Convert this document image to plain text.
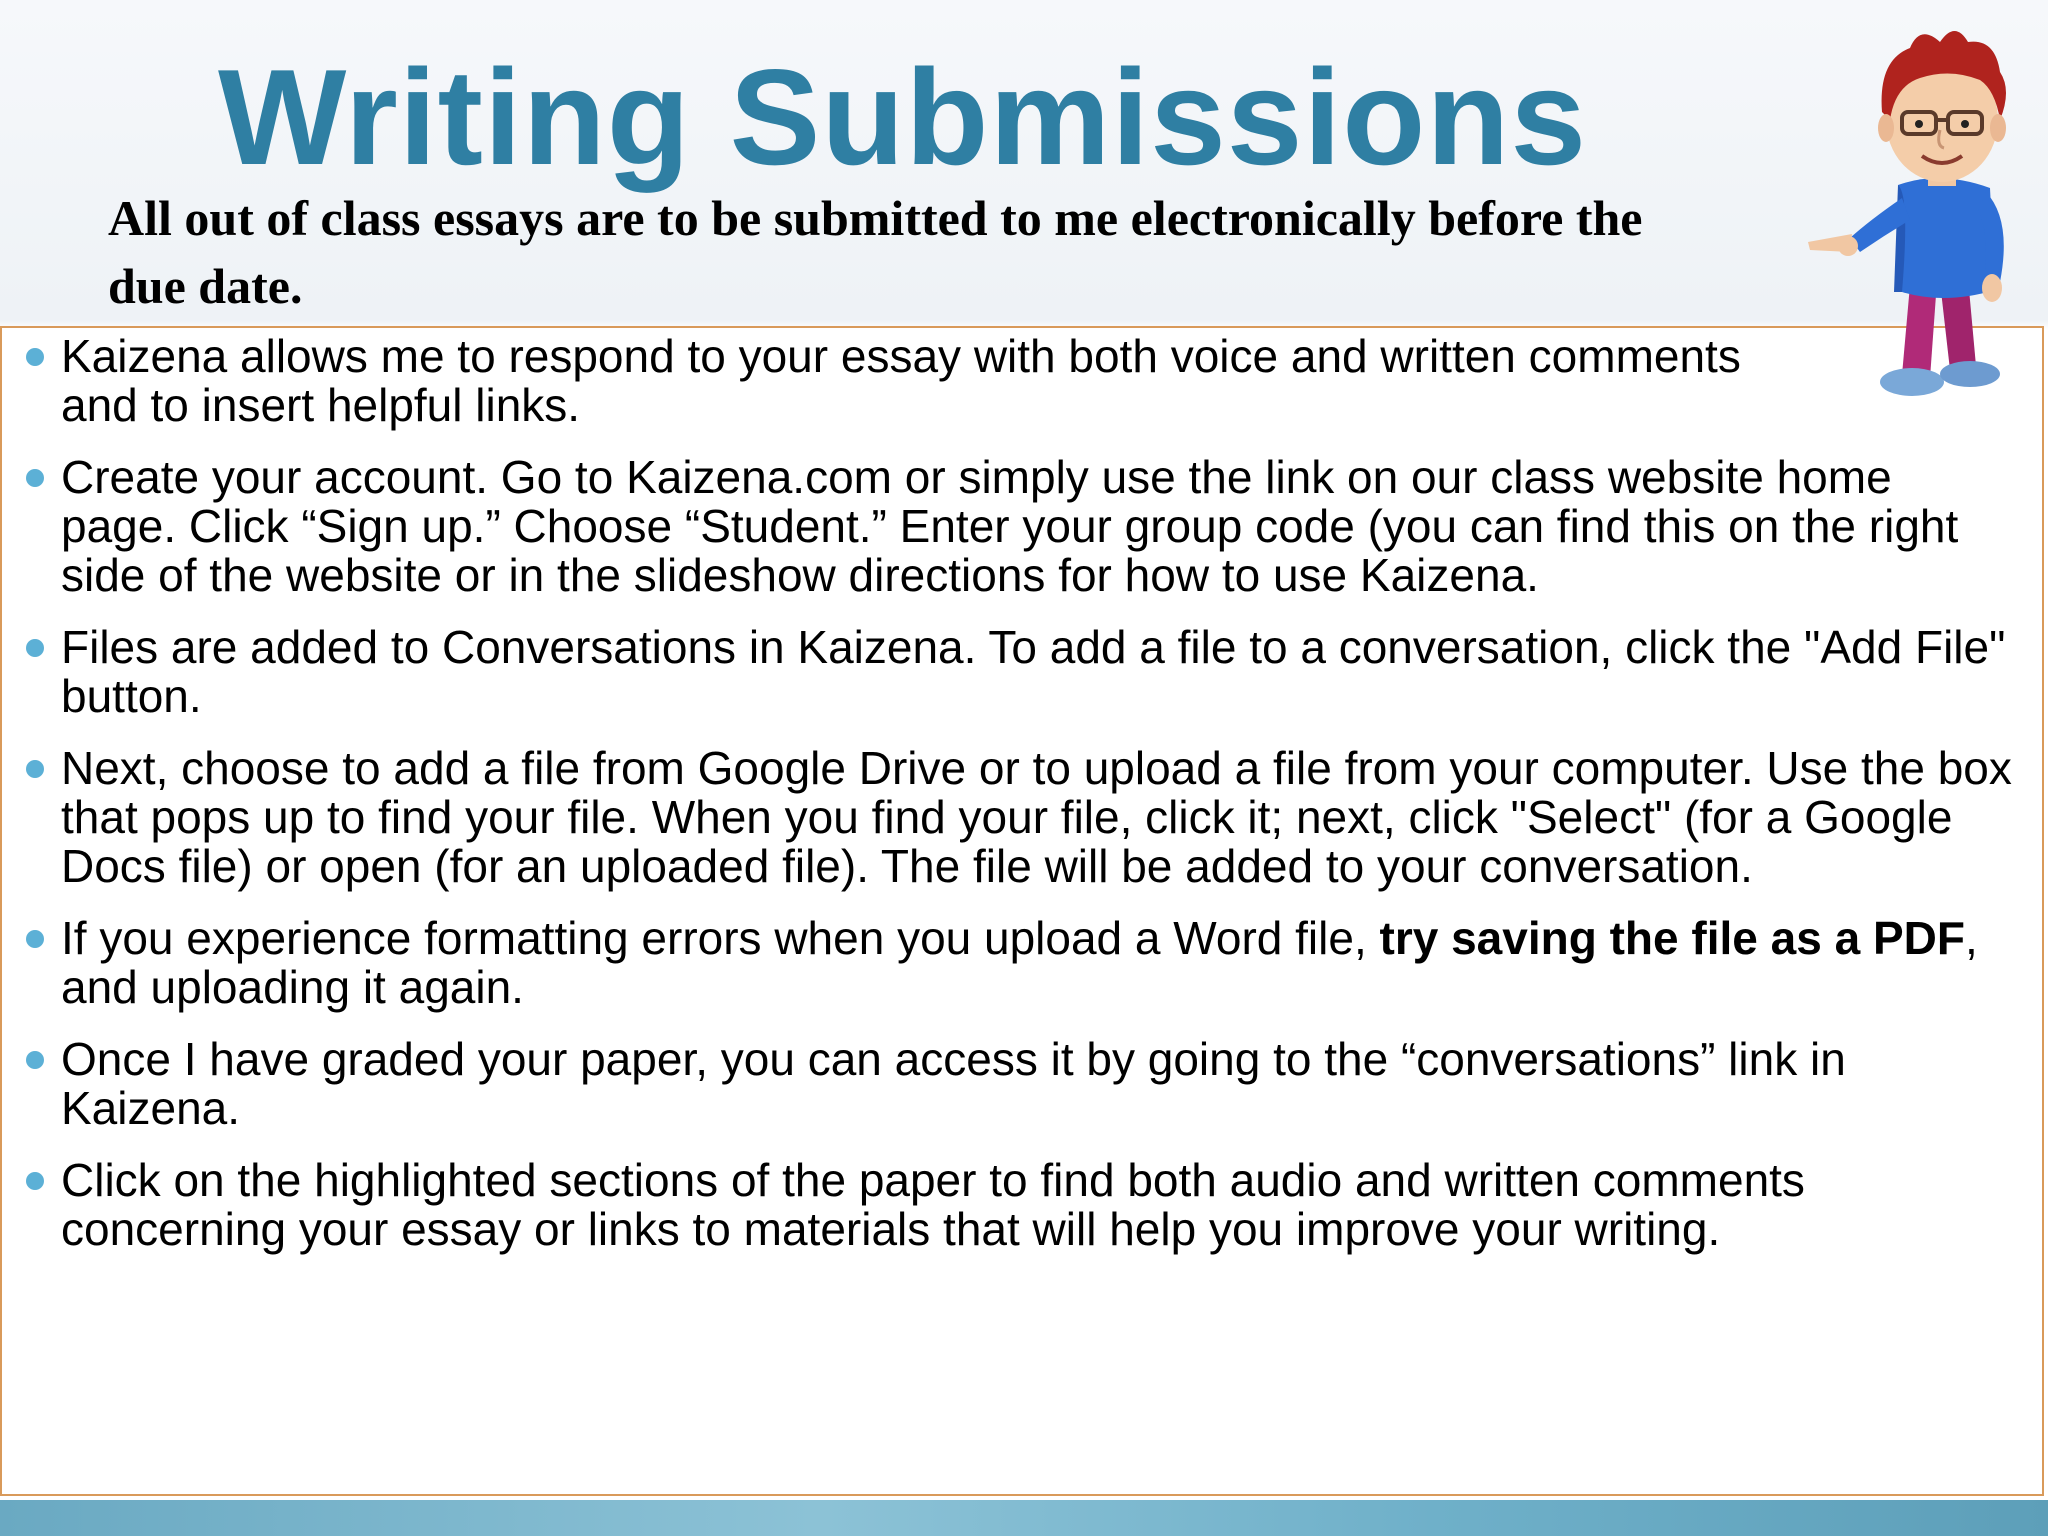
Writing Submissions
All out of class essays are to be submitted to me electronically before the due date.
Kaizena allows me to respond to your essay with both voice and written comments and to insert helpful links.
Create your account. Go to Kaizena.com or simply use the link on our class website home page. Click “Sign up.” Choose “Student.” Enter your group code (you can find this on the right side of the website or in the slideshow directions for how to use Kaizena.
Files are added to Conversations in Kaizena. To add a file to a conversation, click the "Add File" button.
Next, choose to add a file from Google Drive or to upload a file from your computer. Use the box that pops up to find your file. When you find your file, click it; next, click "Select" (for a Google Docs file) or open (for an uploaded file). The file will be added to your conversation.
If you experience formatting errors when you upload a Word file, try saving the file as a PDF, and uploading it again.
Once I have graded your paper, you can access it by going to the “conversations” link in Kaizena.
Click on the highlighted sections of the paper to find both audio and written comments concerning your essay or links to materials that will help you improve your writing.
